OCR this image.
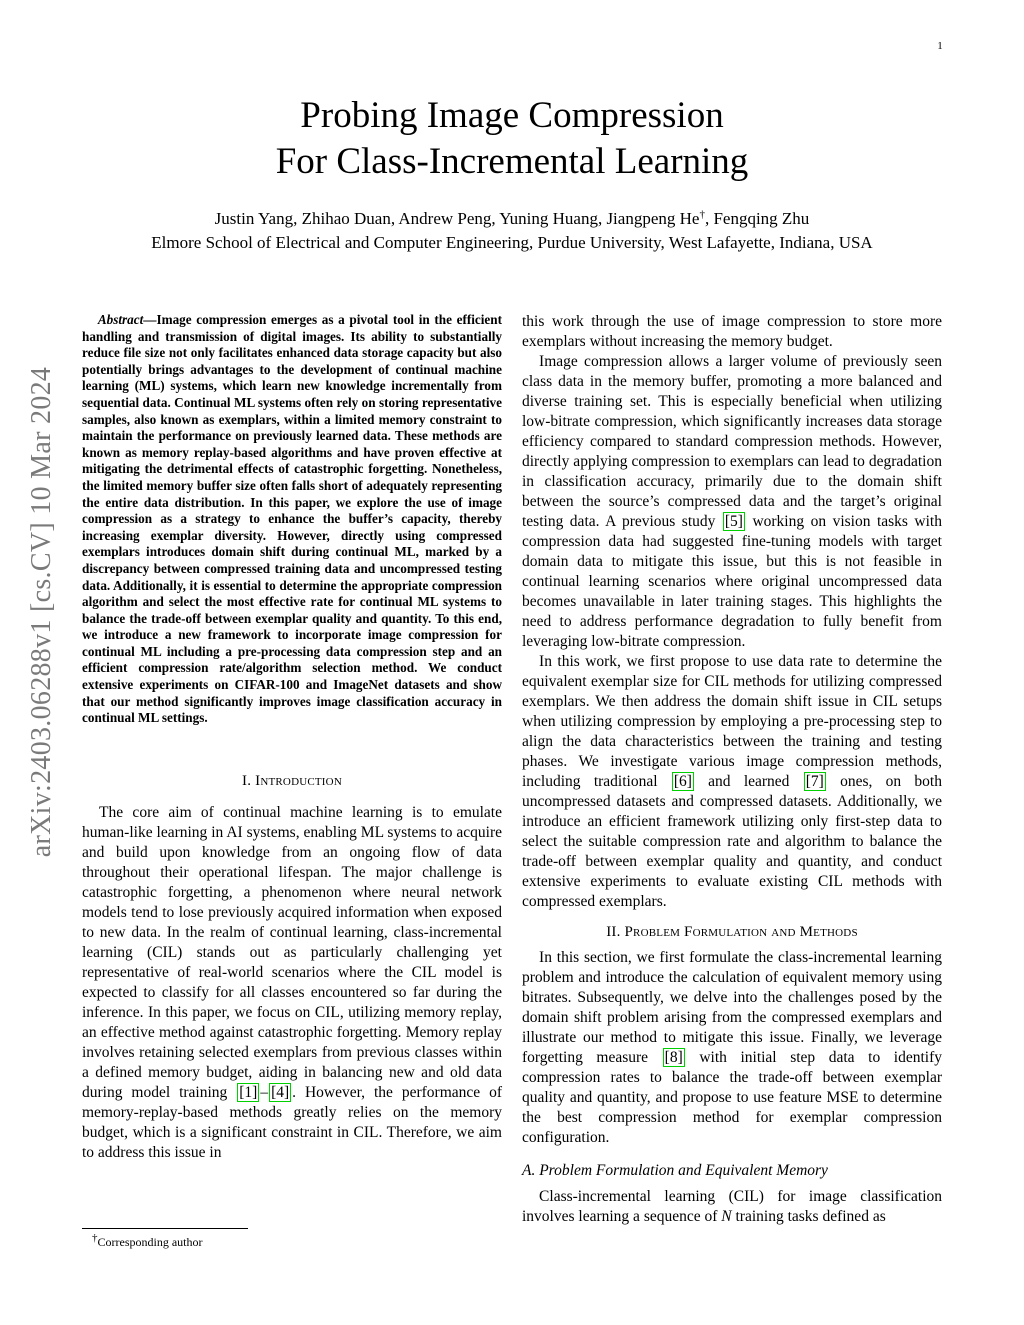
1
arXiv:2403.06288v1 [cs.CV] 10 Mar 2024
Probing Image Compression
For Class-Incremental Learning
Justin Yang, Zhihao Duan, Andrew Peng, Yuning Huang, Jiangpeng He†, Fengqing Zhu
Elmore School of Electrical and Computer Engineering, Purdue University, West Lafayette, Indiana, USA
Abstract—Image compression emerges as a pivotal tool in the efficient handling and transmission of digital images. Its ability to substantially reduce file size not only facilitates enhanced data storage capacity but also potentially brings advantages to the development of continual machine learning (ML) systems, which learn new knowledge incrementally from sequential data. Continual ML systems often rely on storing representative samples, also known as exemplars, within a limited memory constraint to maintain the performance on previously learned data. These methods are known as memory replay-based algorithms and have proven effective at mitigating the detrimental effects of catastrophic forgetting. Nonetheless, the limited memory buffer size often falls short of adequately representing the entire data distribution. In this paper, we explore the use of image compression as a strategy to enhance the buffer’s capacity, thereby increasing exemplar diversity. However, directly using compressed exemplars introduces domain shift during continual ML, marked by a discrepancy between compressed training data and uncompressed testing data. Additionally, it is essential to determine the appropriate compression algorithm and select the most effective rate for continual ML systems to balance the trade-off between exemplar quality and quantity. To this end, we introduce a new framework to incorporate image compression for continual ML including a pre-processing data compression step and an efficient compression rate/algorithm selection method. We conduct extensive experiments on CIFAR-100 and ImageNet datasets and show that our method significantly improves image classification accuracy in continual ML settings.
I. Introduction

The core aim of continual machine learning is to emulate human-like learning in AI systems, enabling ML systems to acquire and build upon knowledge from an ongoing flow of data throughout their operational lifespan. The major challenge is catastrophic forgetting, a phenomenon where neural network models tend to lose previously acquired information when exposed to new data. In the realm of continual learning, class-incremental learning (CIL) stands out as particularly challenging yet representative of real-world scenarios where the CIL model is expected to classify for all classes encountered so far during the inference. In this paper, we focus on CIL, utilizing memory replay, an effective method against catastrophic forgetting. Memory replay involves retaining selected exemplars from previous classes within a defined memory budget, aiding in balancing new and old data during model training [1] – [4] . However, the performance of memory-replay-based methods greatly relies on the memory budget, which is a significant constraint in CIL. Therefore, we aim to address this issue in

this work through the use of image compression to store more exemplars without increasing the memory budget.

Image compression allows a larger volume of previously seen class data in the memory buffer, promoting a more balanced and diverse training set. This is especially beneficial when utilizing low-bitrate compression, which significantly increases data storage efficiency compared to standard compression methods. However, directly applying compression to exemplars can lead to degradation in classification accuracy, primarily due to the domain shift between the source’s compressed data and the target’s original testing data. A previous study [5] working on vision tasks with compression data had suggested fine-tuning models with target domain data to mitigate this issue, but this is not feasible in continual learning scenarios where original uncompressed data becomes unavailable in later training stages. This highlights the need to address performance degradation to fully benefit from leveraging low-bitrate compression.

In this work, we first propose to use data rate to determine the equivalent exemplar size for CIL methods for utilizing compressed exemplars. We then address the domain shift issue in CIL setups when utilizing compression by employing a pre-processing step to align the data characteristics between the training and testing phases. We investigate various image compression methods, including traditional [6] and learned [7] ones, on both uncompressed datasets and compressed datasets. Additionally, we introduce an efficient framework utilizing only first-step data to select the suitable compression rate and algorithm to balance the trade-off between exemplar quality and quantity, and conduct extensive experiments to evaluate existing CIL methods with compressed exemplars.

II. Problem Formulation and Methods

In this section, we first formulate the class-incremental learning problem and introduce the calculation of equivalent memory using bitrates. Subsequently, we delve into the challenges posed by the domain shift problem arising from the compressed exemplars and illustrate our method to mitigate this issue. Finally, we leverage forgetting measure [8] with initial step data to identify compression rates to balance the trade-off between exemplar quality and quantity, and propose to use feature MSE to determine the best compression method for exemplar compression configuration.

A. Problem Formulation and Equivalent Memory

Class-incremental learning (CIL) for image classification involves learning a sequence of N training tasks defined as

†Corresponding author
